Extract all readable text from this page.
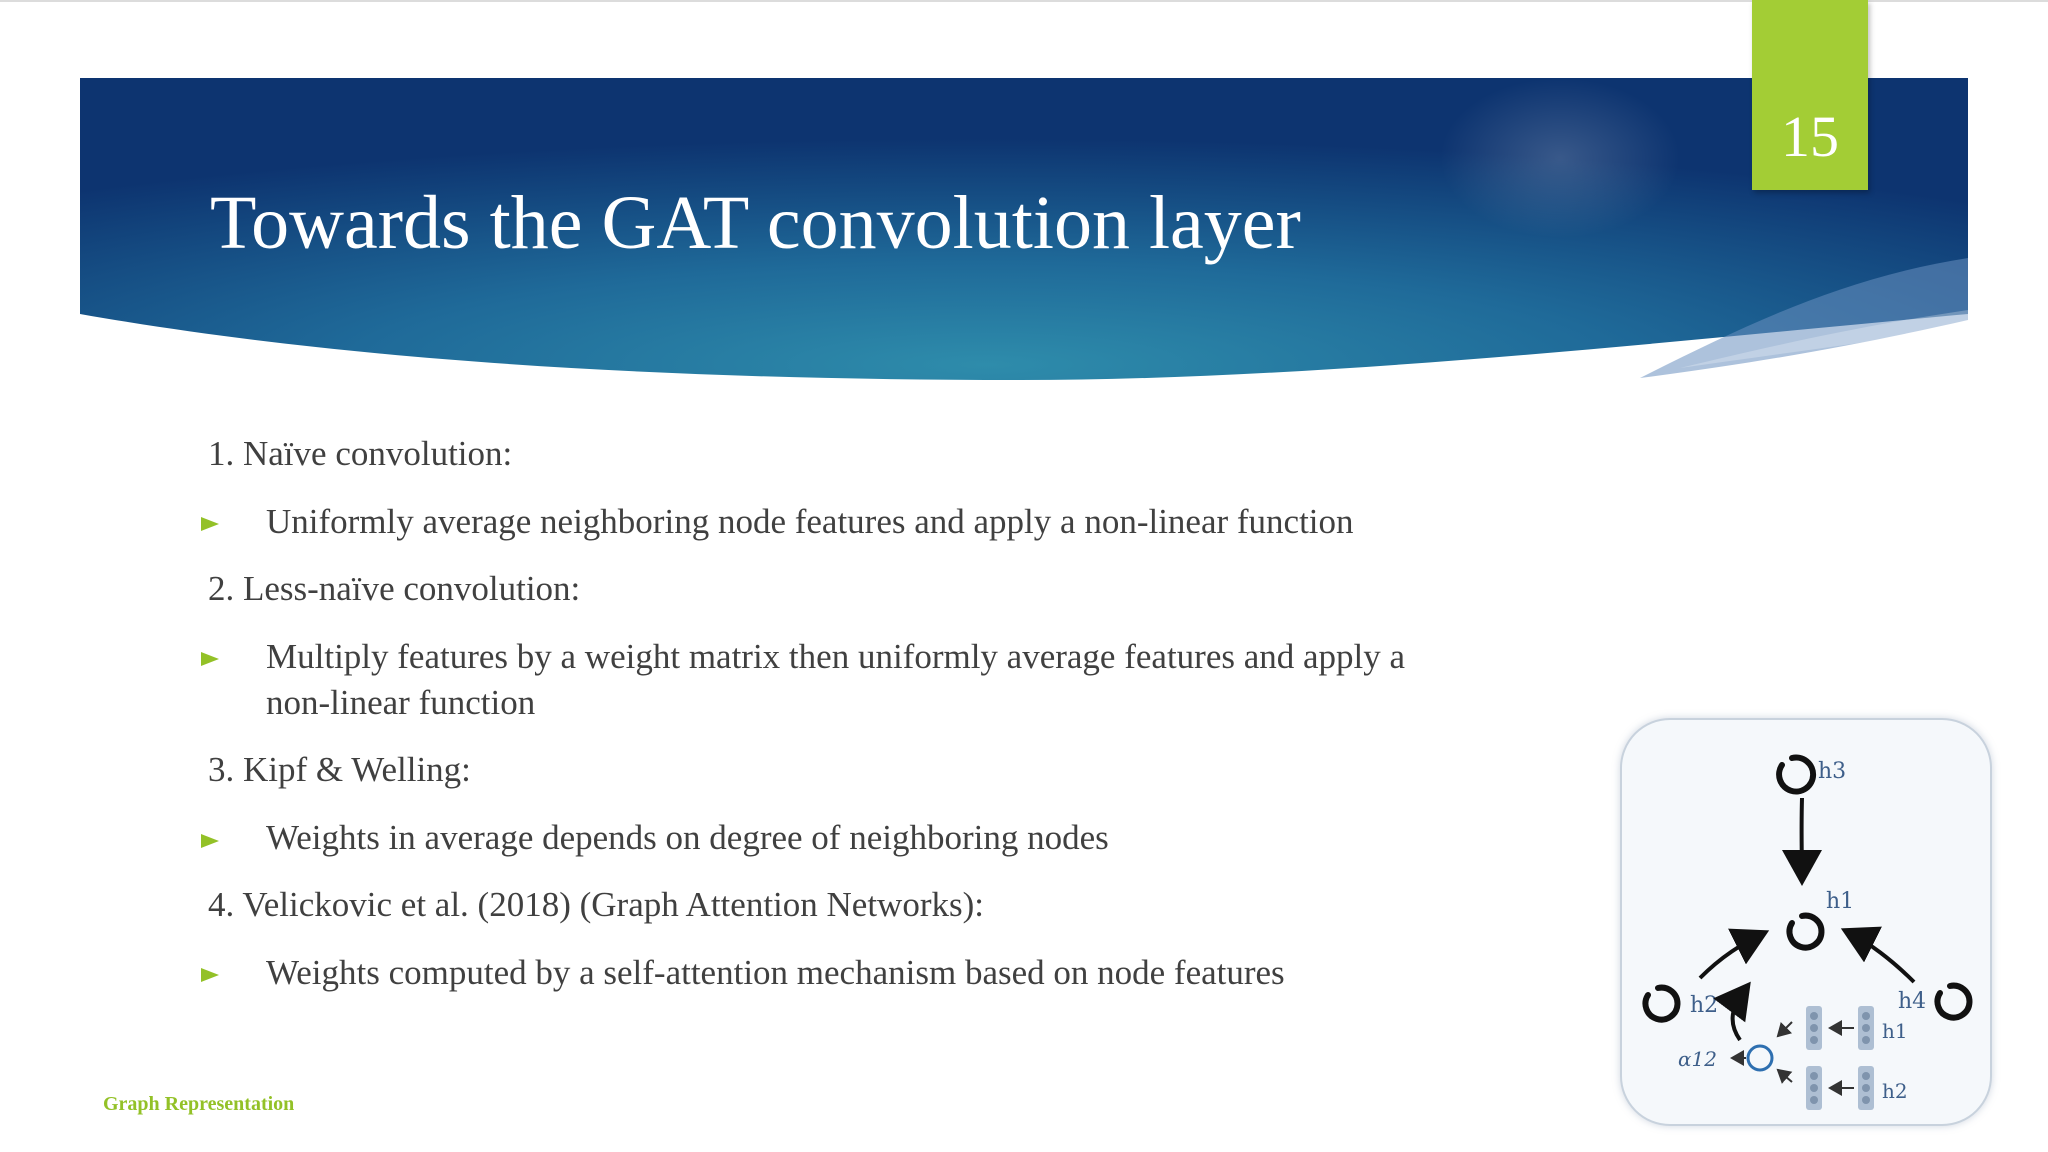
Towards the GAT convolution layer
15
1. Naïve convolution:
Uniformly average neighboring node features and apply a non-linear function
2. Less-naïve convolution:
Multiply features by a weight matrix then uniformly average features and apply a
non-linear function
3. Kipf & Welling:
Weights in average depends on degree of neighboring nodes
4. Velickovic et al. (2018) (Graph Attention Networks):
Weights computed by a self-attention mechanism based on node features
Graph Representation
h3
h1
h2	h4
α12
h1
h2
